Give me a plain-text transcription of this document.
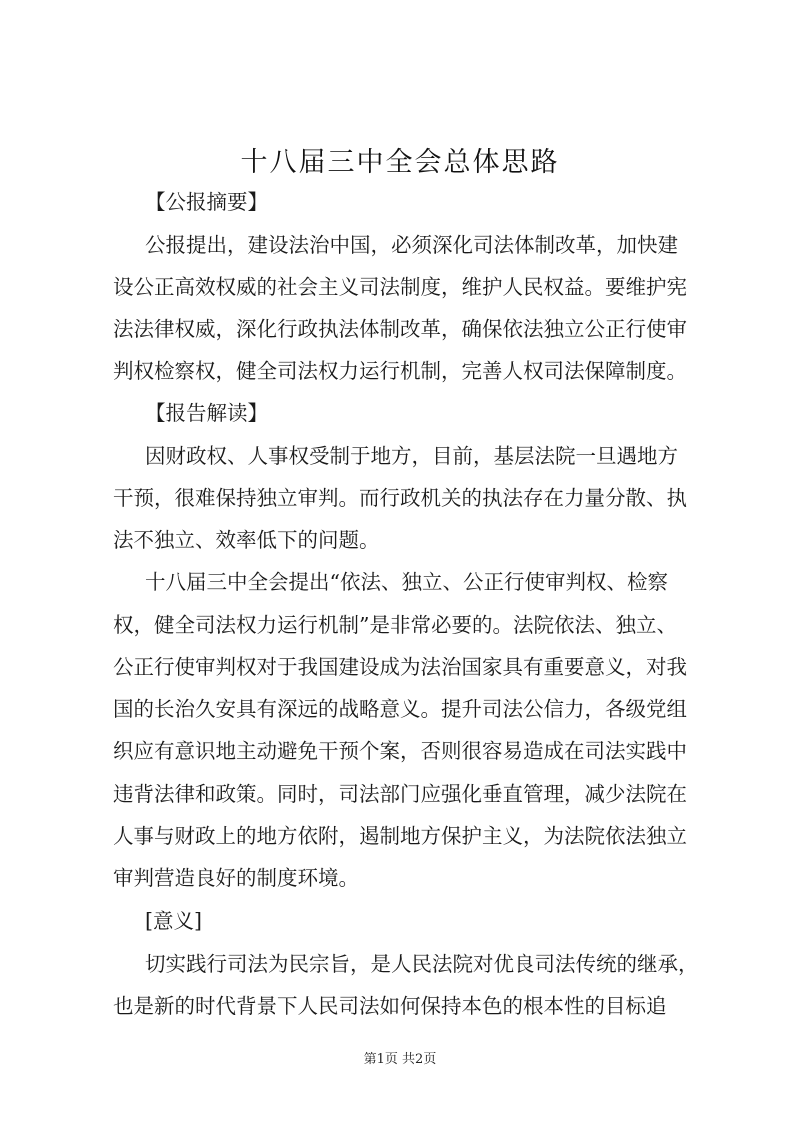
十八届三中全会总体思路
【公报摘要】
公报提出，建设法治中国，必须深化司法体制改革，加快建
设公正高效权威的社会主义司法制度，维护人民权益。要维护宪
法法律权威，深化行政执法体制改革，确保依法独立公正行使审
判权检察权，健全司法权力运行机制，完善人权司法保障制度。
【报告解读】
因财政权、人事权受制于地方，目前，基层法院一旦遇地方
干预，很难保持独立审判。而行政机关的执法存在力量分散、执
法不独立、效率低下的问题。
十八届三中全会提出“依法、独立、公正行使审判权、检察
权，健全司法权力运行机制”是非常必要的。法院依法、独立、
公正行使审判权对于我国建设成为法治国家具有重要意义，对我
国的长治久安具有深远的战略意义。提升司法公信力，各级党组
织应有意识地主动避免干预个案，否则很容易造成在司法实践中
违背法律和政策。同时，司法部门应强化垂直管理，减少法院在
人事与财政上的地方依附，遏制地方保护主义，为法院依法独立
审判营造良好的制度环境。
[意义]
切实践行司法为民宗旨，是人民法院对优良司法传统的继承，
也是新的时代背景下人民司法如何保持本色的根本性的目标追
第1页 共2页
